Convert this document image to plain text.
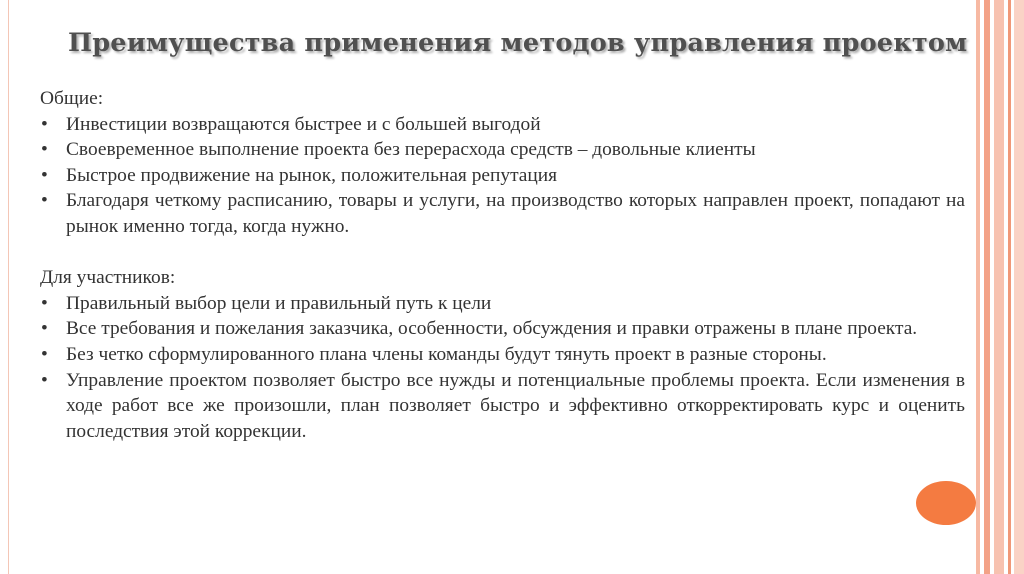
Преимущества применения методов управления проектом

Общие:

• Инвестиции возвращаются быстрее и с большей выгодой
• Своевременное выполнение проекта без перерасхода средств – довольные клиенты
• Быстрое продвижение на рынок, положительная репутация
• Благодаря четкому расписанию, товары и услуги, на производство которых направлен проект, попадают на рынок именно тогда, когда нужно.

Для участников:

• Правильный выбор цели и правильный путь к цели
• Все требования и пожелания заказчика, особенности, обсуждения и правки отражены в плане проекта.
• Без четко сформулированного плана члены команды будут тянуть проект в разные стороны.
• Управление проектом позволяет быстро все нужды и потенциальные проблемы проекта. Если изменения в ходе работ все же произошли, план позволяет быстро и эффективно откорректировать курс и оценить последствия этой коррекции.
